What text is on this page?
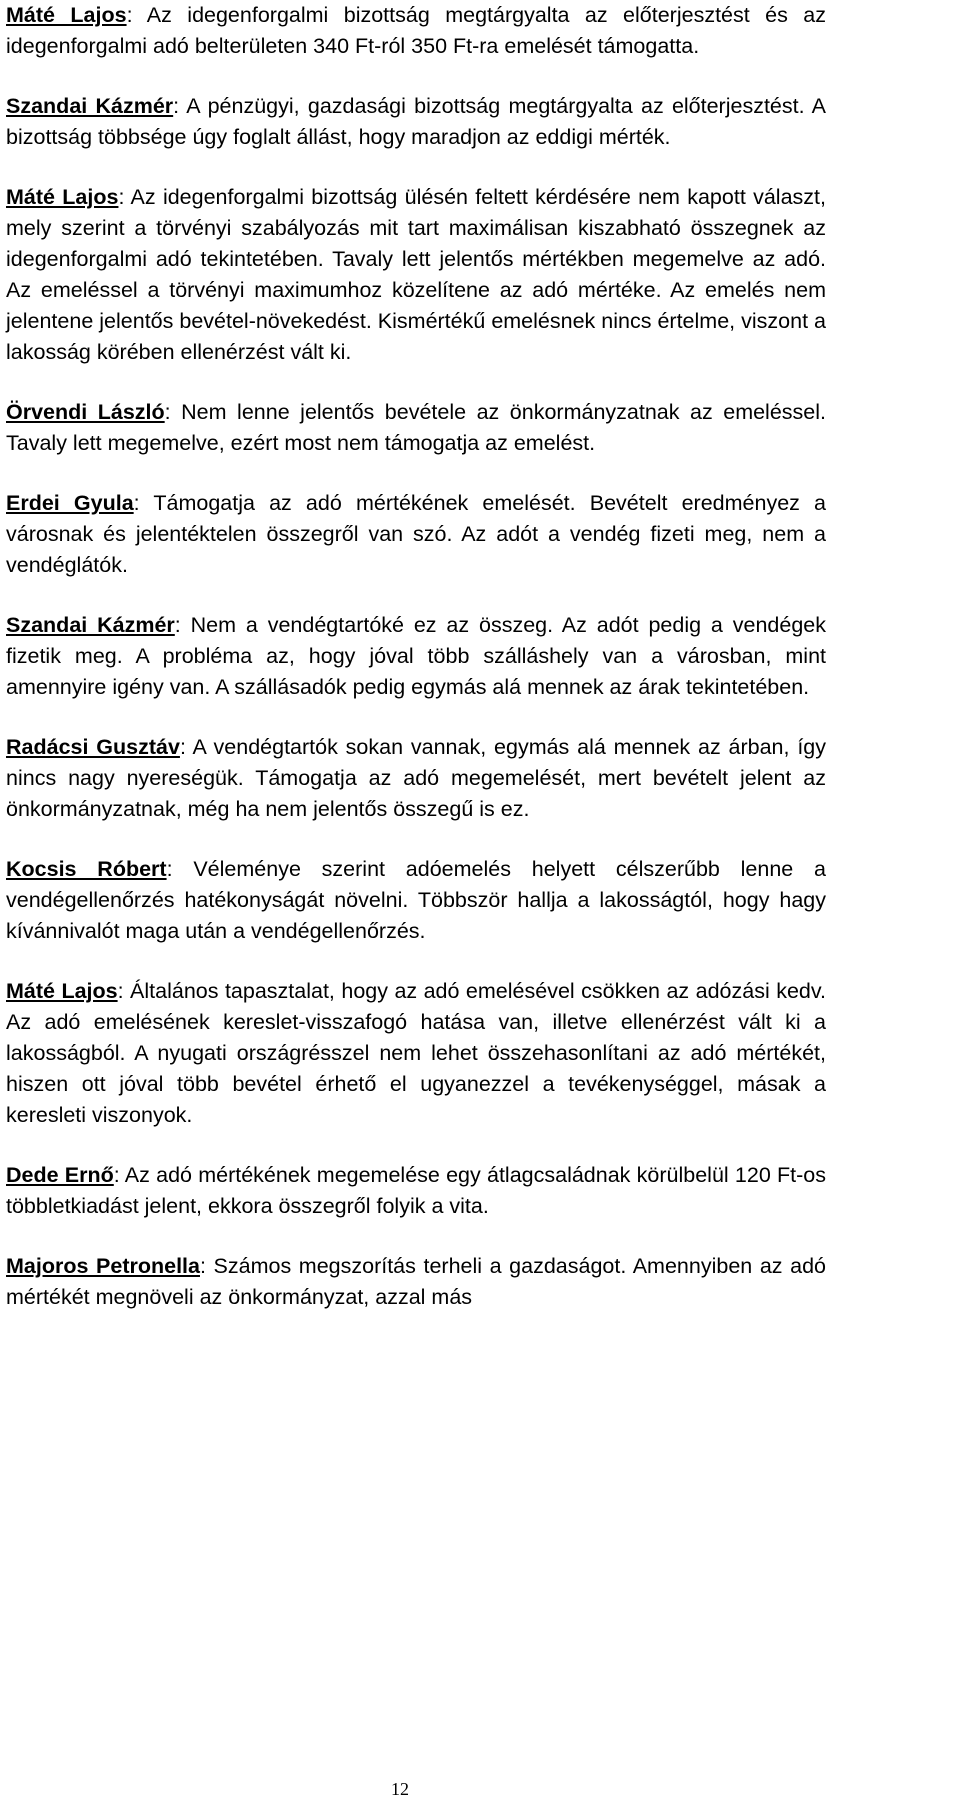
Máté Lajos: Az idegenforgalmi bizottság megtárgyalta az előterjesztést és az idegenforgalmi adó belterületen 340 Ft-ról 350 Ft-ra emelését támogatta.

Szandai Kázmér: A pénzügyi, gazdasági bizottság megtárgyalta az előterjesztést. A bizottság többsége úgy foglalt állást, hogy maradjon az eddigi mérték.

Máté Lajos: Az idegenforgalmi bizottság ülésén feltett kérdésére nem kapott választ, mely szerint a törvényi szabályozás mit tart maximálisan kiszabható összegnek az idegenforgalmi adó tekintetében. Tavaly lett jelentős mértékben megemelve az adó. Az emeléssel a törvényi maximumhoz közelítene az adó mértéke. Az emelés nem jelentene jelentős bevétel-növekedést. Kismértékű emelésnek nincs értelme, viszont a lakosság körében ellenérzést vált ki.

Örvendi László: Nem lenne jelentős bevétele az önkormányzatnak az emeléssel. Tavaly lett megemelve, ezért most nem támogatja az emelést.

Erdei Gyula: Támogatja az adó mértékének emelését. Bevételt eredményez a városnak és jelentéktelen összegről van szó. Az adót a vendég fizeti meg, nem a vendéglátók.

Szandai Kázmér: Nem a vendégtartóké ez az összeg. Az adót pedig a vendégek fizetik meg. A probléma az, hogy jóval több szálláshely van a városban, mint amennyire igény van. A szállásadók pedig egymás alá mennek az árak tekintetében.

Radácsi Gusztáv: A vendégtartók sokan vannak, egymás alá mennek az árban, így nincs nagy nyereségük. Támogatja az adó megemelését, mert bevételt jelent az önkormányzatnak, még ha nem jelentős összegű is ez.

Kocsis Róbert: Véleménye szerint adóemelés helyett célszerűbb lenne a vendégellenőrzés hatékonyságát növelni. Többször hallja a lakosságtól, hogy hagy kívánnivalót maga után a vendégellenőrzés.

Máté Lajos: Általános tapasztalat, hogy az adó emelésével csökken az adózási kedv. Az adó emelésének kereslet-visszafogó hatása van, illetve ellenérzést vált ki a lakosságból. A nyugati országrésszel nem lehet összehasonlítani az adó mértékét, hiszen ott jóval több bevétel érhető el ugyanezzel a tevékenységgel, másak a keresleti viszonyok.

Dede Ernő: Az adó mértékének megemelése egy átlagcsaládnak körülbelül 120 Ft-os többletkiadást jelent, ekkora összegről folyik a vita.

Majoros Petronella: Számos megszorítás terheli a gazdaságot. Amennyiben az adó mértékét megnöveli az önkormányzat, azzal más

12
